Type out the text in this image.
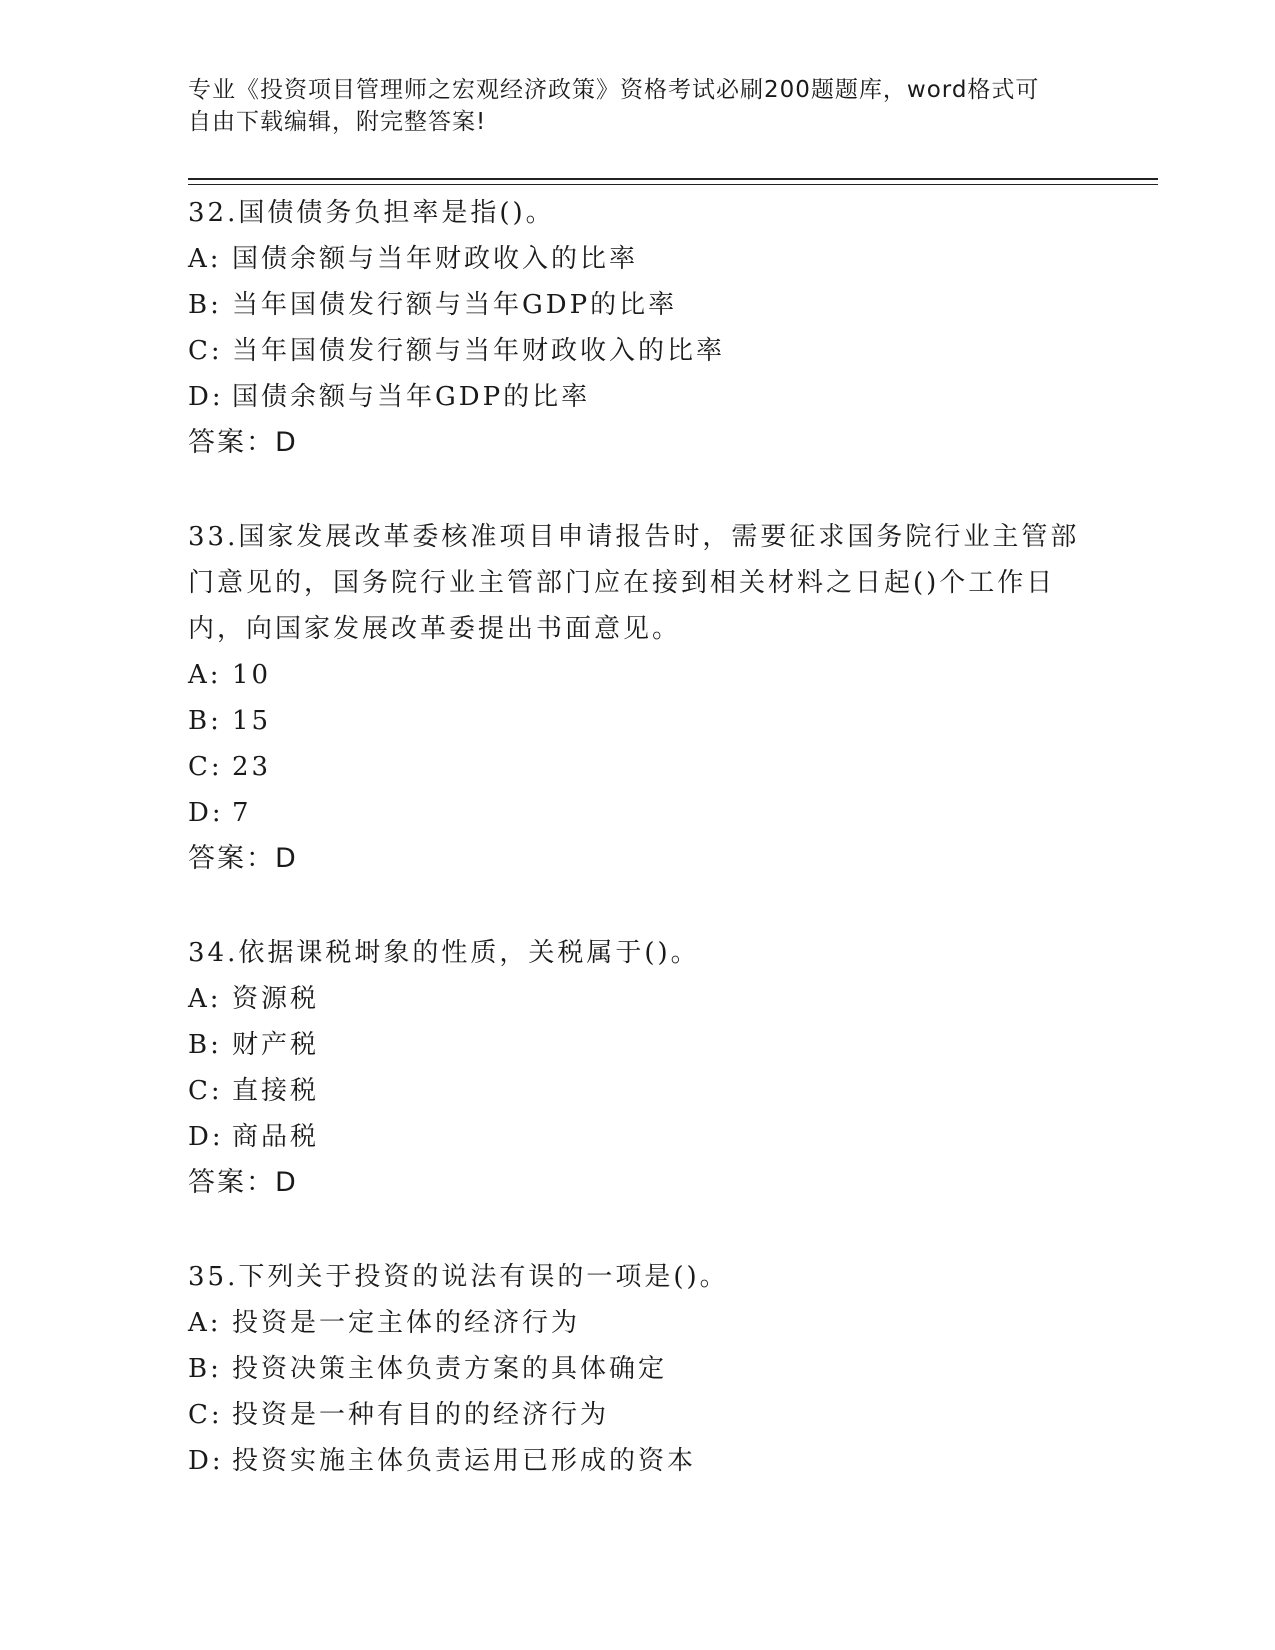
专业《投资项目管理师之宏观经济政策》资格考试必刷200题题库，word格式可
自由下载编辑，附完整答案!
32.国债债务负担率是指()。
A: 国债余额与当年财政收入的比率
B: 当年国债发行额与当年GDP的比率
C: 当年国债发行额与当年财政收入的比率
D: 国债余额与当年GDP的比率
答案：D
33.国家发展改革委核准项目申请报告时，需要征求国务院行业主管部门意见的，国务院行业主管部门应在接到相关材料之日起()个工作日内，向国家发展改革委提出书面意见。
A: 10
B: 15
C: 23
D: 7
答案：D
34.依据课税埘象的性质，关税属于()。
A: 资源税
B: 财产税
C: 直接税
D: 商品税
答案：D
35.下列关于投资的说法有误的一项是()。
A: 投资是一定主体的经济行为
B: 投资决策主体负责方案的具体确定
C: 投资是一种有目的的经济行为
D: 投资实施主体负责运用已形成的资本
